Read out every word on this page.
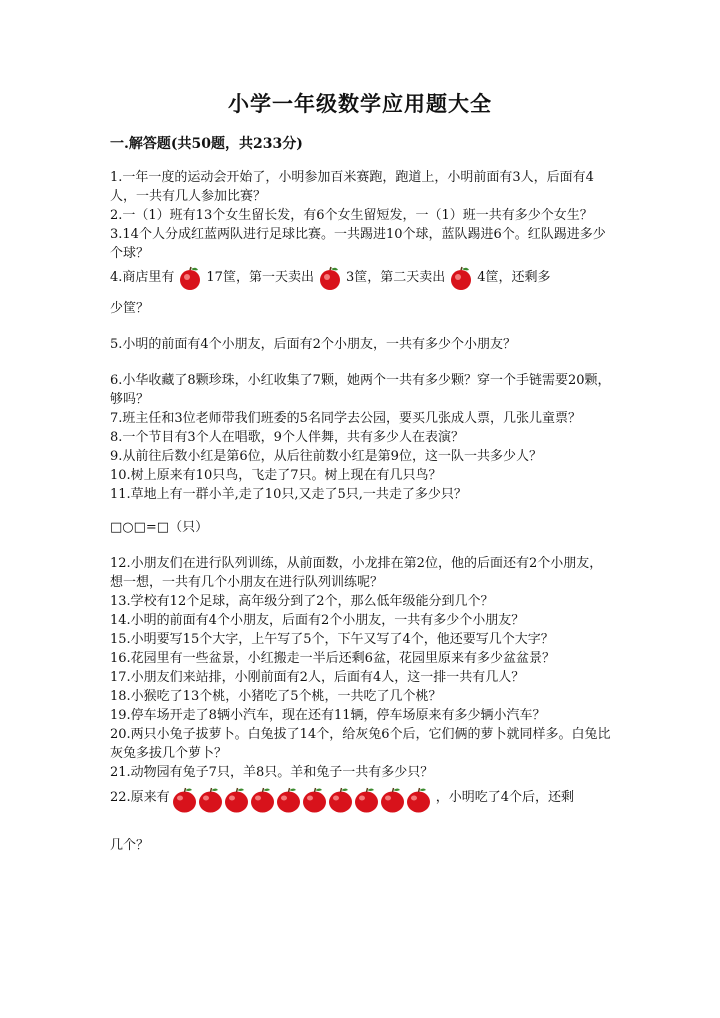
小学一年级数学应用题大全
一.解答题(共50题，共233分)

1.一年一度的运动会开始了，小明参加百米赛跑，跑道上，小明前面有3人，后面有4人，一共有几人参加比赛？

2.一（1）班有13个女生留长发，有6个女生留短发，一（1）班一共有多少个女生？

3.14个人分成红蓝两队进行足球比赛。一共踢进10个球，蓝队踢进6个。红队踢进多少个球？

4.商店里有 17筐，第一天卖出 3筐，第二天卖出 4筐，还剩多

少筐？

5.小明的前面有4个小朋友，后面有2个小朋友，一共有多少个小朋友？

6.小华收藏了8颗珍珠，小红收集了7颗，她两个一共有多少颗？穿一个手链需要20颗，够吗？

7.班主任和3位老师带我们班委的5名同学去公园，要买几张成人票，几张儿童票？

8.一个节目有3个人在唱歌，9个人伴舞，共有多少人在表演？

9.从前往后数小红是第6位，从后往前数小红是第9位，这一队一共多少人？

10.树上原来有10只鸟，飞走了7只。树上现在有几只鸟？

11.草地上有一群小羊,走了10只,又走了5只,一共走了多少只？

□○□=□（只）

12.小朋友们在进行队列训练，从前面数，小龙排在第2位，他的后面还有2个小朋友，想一想，一共有几个小朋友在进行队列训练呢？

13.学校有12个足球，高年级分到了2个，那么低年级能分到几个？

14.小明的前面有4个小朋友，后面有2个小朋友，一共有多少个小朋友？

15.小明要写15个大字，上午写了5个，下午又写了4个，他还要写几个大字？

16.花园里有一些盆景，小红搬走一半后还剩6盆，花园里原来有多少盆盆景？

17.小朋友们来站排，小刚前面有2人，后面有4人，这一排一共有几人？

18.小猴吃了13个桃，小猪吃了5个桃，一共吃了几个桃？

19.停车场开走了8辆小汽车，现在还有11辆，停车场原来有多少辆小汽车？

20.两只小兔子拔萝卜。白兔拔了14个，给灰兔6个后，它们俩的萝卜就同样多。白兔比灰兔多拔几个萝卜？

21.动物园有兔子7只，羊8只。羊和兔子一共有多少只？

22.原来有	，小明吃了4个后，还剩

几个？
